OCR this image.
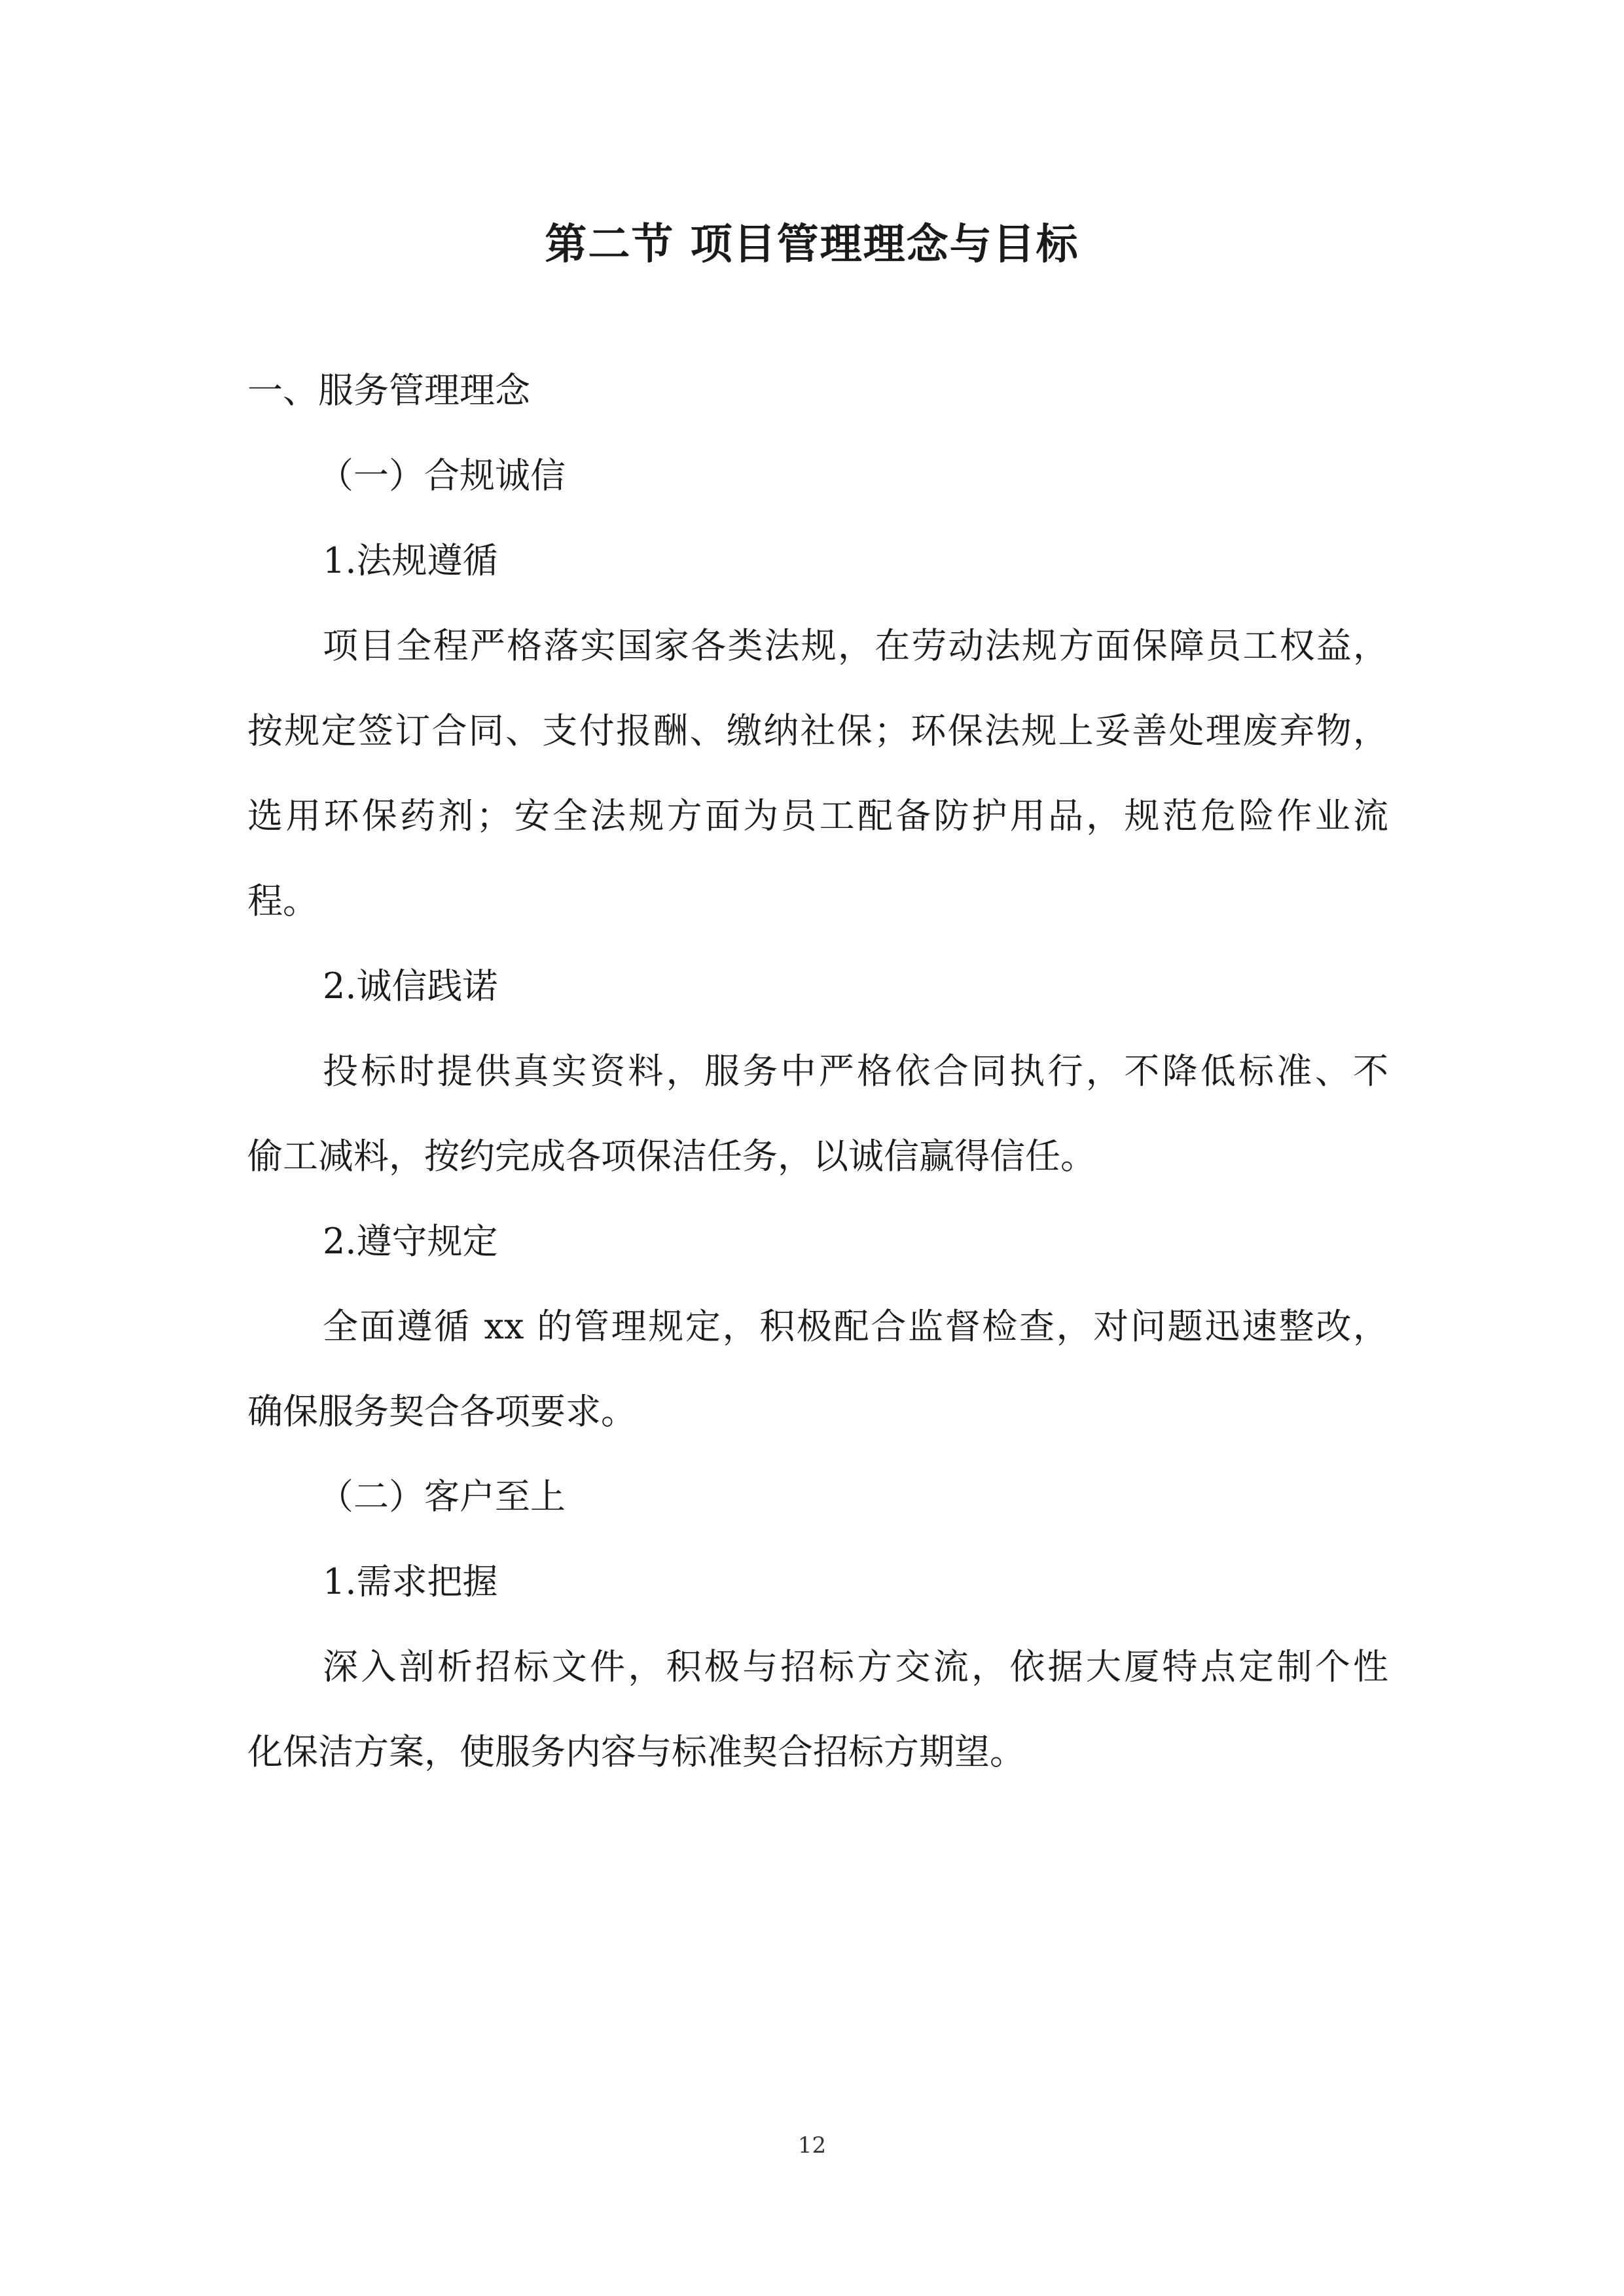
第二节 项目管理理念与目标
一、服务管理理念
（一）合规诚信
1.法规遵循
项目全程严格落实国家各类法规，在劳动法规方面保障员工权益，
按规定签订合同、支付报酬、缴纳社保；环保法规上妥善处理废弃物，
选用环保药剂；安全法规方面为员工配备防护用品，规范危险作业流
程。
2.诚信践诺
投标时提供真实资料，服务中严格依合同执行，不降低标准、不
偷工减料，按约完成各项保洁任务，以诚信赢得信任。
2.遵守规定
全面遵循 xx 的管理规定，积极配合监督检查，对问题迅速整改，
确保服务契合各项要求。
（二）客户至上
1.需求把握
深入剖析招标文件，积极与招标方交流，依据大厦特点定制个性
化保洁方案，使服务内容与标准契合招标方期望。
12
